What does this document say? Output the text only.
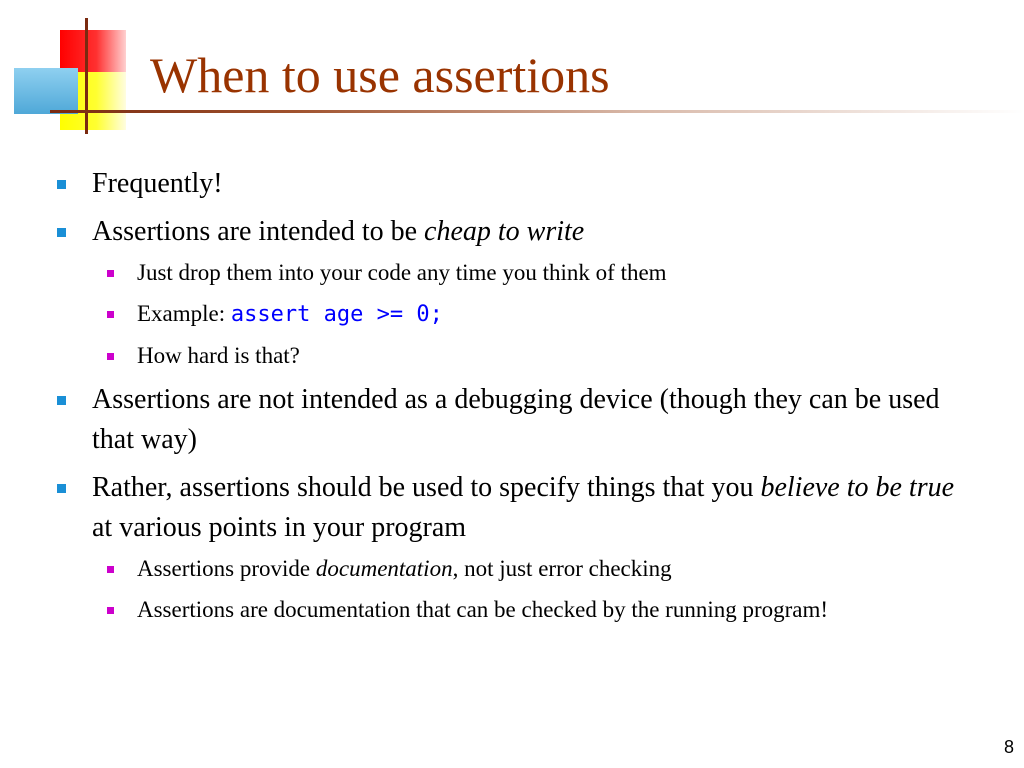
When to use assertions

Frequently!

Assertions are intended to be cheap to write

Just drop them into your code any time you think of them

Example: assert age >= 0;

How hard is that?

Assertions are not intended as a debugging device (though they can be used that way)

Rather, assertions should be used to specify things that you believe to be true at various points in your program

Assertions provide documentation, not just error checking

Assertions are documentation that can be checked by the running program!

8
